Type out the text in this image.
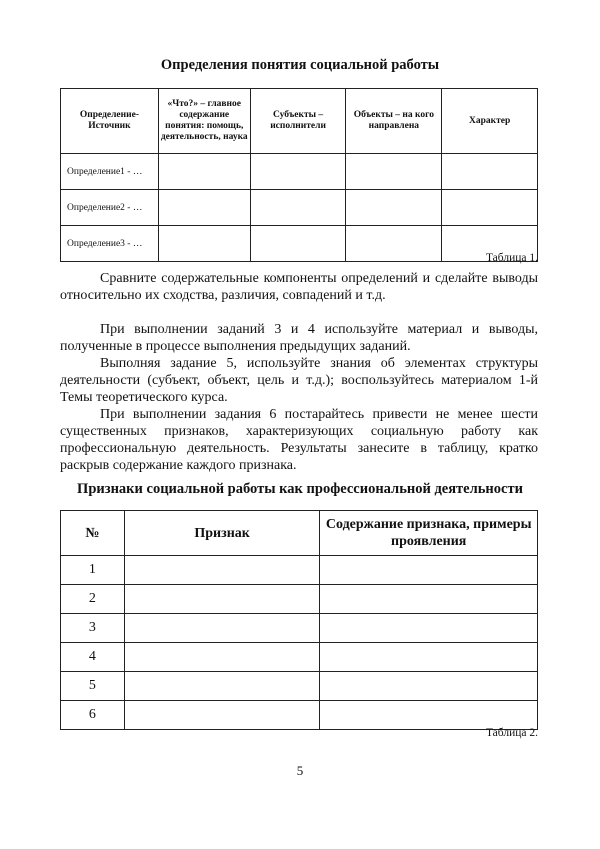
Определения понятия социальной работы
Определение-Источник	«Что?» – главное содержание понятия: помощь, деятельность, наука	Субъекты – исполнители	Объекты – на кого направлена	Характер
Определение1 - …				
Определение2 - …				
Определение3 - …				
Таблица 1.

Сравните содержательные компоненты определений и сделайте выводы относительно их сходства, различия, совпадений и т.д.

При выполнении заданий 3 и 4 используйте материал и выводы, полученные в процессе выполнения предыдущих заданий.

Выполняя задание 5, используйте знания об элементах структуры деятельности (субъект, объект, цель и т.д.); воспользуйтесь материалом 1-й Темы теоретического курса.

При выполнении задания 6 постарайтесь привести не менее шести существенных признаков, характеризующих социальную работу как профессиональную деятельность. Результаты занесите в таблицу, кратко раскрыв содержание каждого признака.

Признаки социальной работы как профессиональной деятельности
№	Признак	Содержание признака, примеры проявления
1		
2		
3		
4		
5		
6		
Таблица 2.
5
